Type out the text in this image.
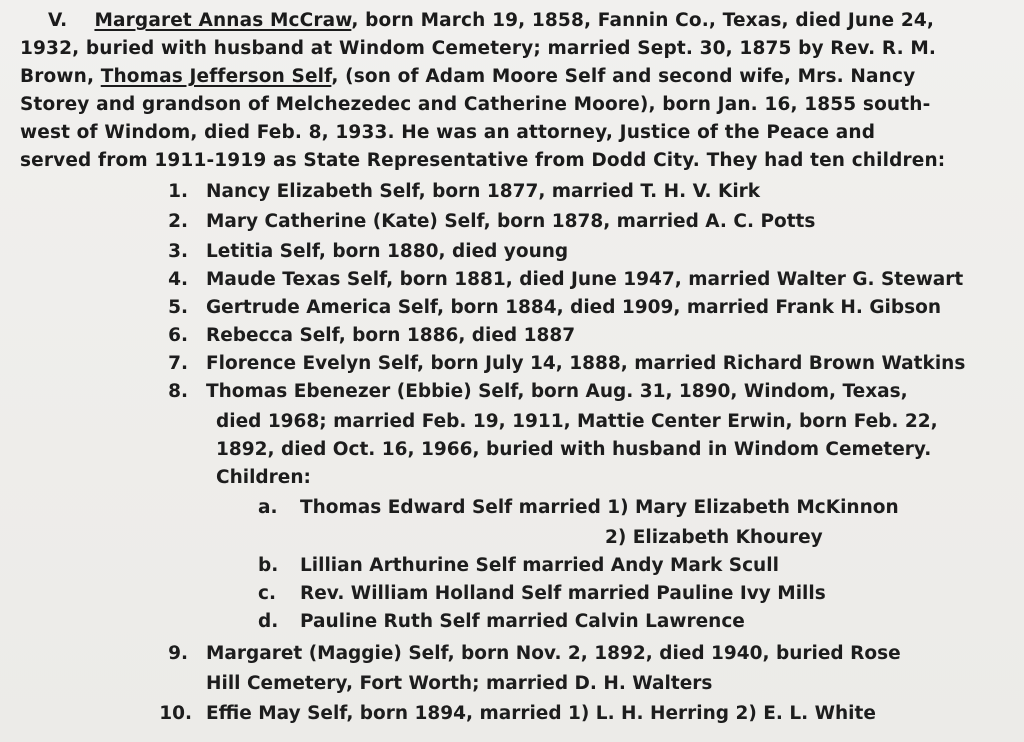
V. Margaret Annas McCraw, born March 19, 1858, Fannin Co., Texas, died June 24,
1932, buried with husband at Windom Cemetery; married Sept. 30, 1875 by Rev. R. M.
Brown, Thomas Jefferson Self, (son of Adam Moore Self and second wife, Mrs. Nancy
Storey and grandson of Melchezedec and Catherine Moore), born Jan. 16, 1855 south-
west of Windom, died Feb. 8, 1933. He was an attorney, Justice of the Peace and
served from 1911-1919 as State Representative from Dodd City. They had ten children:
1. Nancy Elizabeth Self, born 1877, married T. H. V. Kirk
2. Mary Catherine (Kate) Self, born 1878, married A. C. Potts
3. Letitia Self, born 1880, died young
4. Maude Texas Self, born 1881, died June 1947, married Walter G. Stewart
5. Gertrude America Self, born 1884, died 1909, married Frank H. Gibson
6. Rebecca Self, born 1886, died 1887
7. Florence Evelyn Self, born July 14, 1888, married Richard Brown Watkins
8. Thomas Ebenezer (Ebbie) Self, born Aug. 31, 1890, Windom, Texas,
died 1968; married Feb. 19, 1911, Mattie Center Erwin, born Feb. 22,
1892, died Oct. 16, 1966, buried with husband in Windom Cemetery.
Children:
a. Thomas Edward Self married 1) Mary Elizabeth McKinnon
2) Elizabeth Khourey
b. Lillian Arthurine Self married Andy Mark Scull
c. Rev. William Holland Self married Pauline Ivy Mills
d. Pauline Ruth Self married Calvin Lawrence
9. Margaret (Maggie) Self, born Nov. 2, 1892, died 1940, buried Rose
Hill Cemetery, Fort Worth; married D. H. Walters
10. Effie May Self, born 1894, married 1) L. H. Herring 2) E. L. White
